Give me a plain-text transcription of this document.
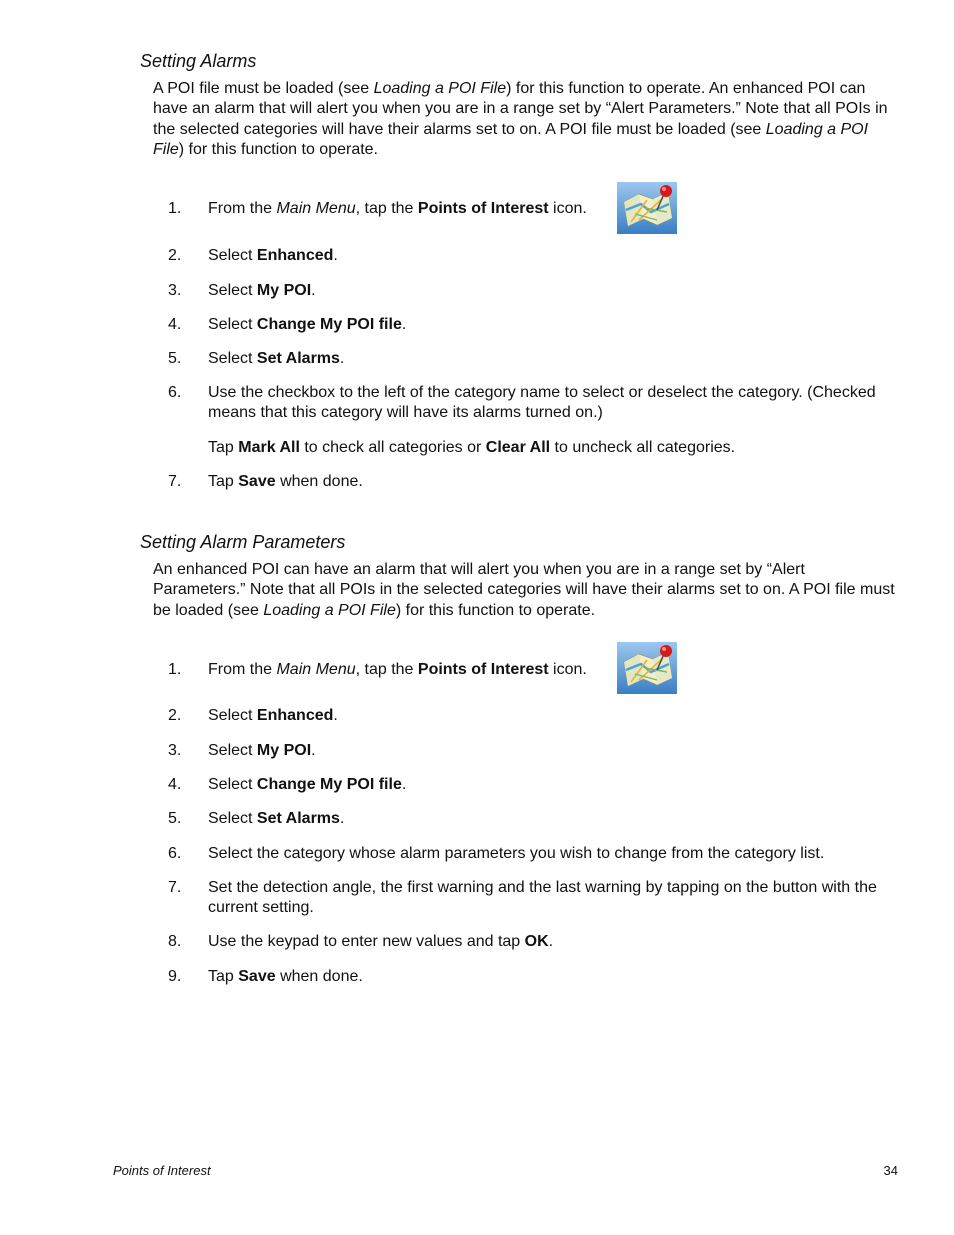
Setting Alarms

A POI file must be loaded (see Loading a POI File) for this function to operate. An enhanced POI can have an alarm that will alert you when you are in a range set by “Alert Parameters.” Note that all POIs in the selected categories will have their alarms set to on. A POI file must be loaded (see Loading a POI File) for this function to operate.

1.	From the Main Menu, tap the Points of Interest icon.
2.	Select Enhanced.
3.	Select My POI.
4.	Select Change My POI file.
5.	Select Set Alarms.
6.	Use the checkbox to the left of the category name to select or deselect the category. (Checked means that this category will have its alarms turned on.)
Tap Mark All to check all categories or Clear All to uncheck all categories.
7.	Tap Save when done.
Setting Alarm Parameters

An enhanced POI can have an alarm that will alert you when you are in a range set by “Alert Parameters.” Note that all POIs in the selected categories will have their alarms set to on. A POI file must be loaded (see Loading a POI File) for this function to operate.

1.	From the Main Menu, tap the Points of Interest icon.
2.	Select Enhanced.
3.	Select My POI.
4.	Select Change My POI file.
5.	Select Set Alarms.
6.	Select the category whose alarm parameters you wish to change from the category list.
7.	Set the detection angle, the first warning and the last warning by tapping on the button with the current setting.
8.	Use the keypad to enter new values and tap OK.
9.	Tap Save when done.
Points of Interest	34
